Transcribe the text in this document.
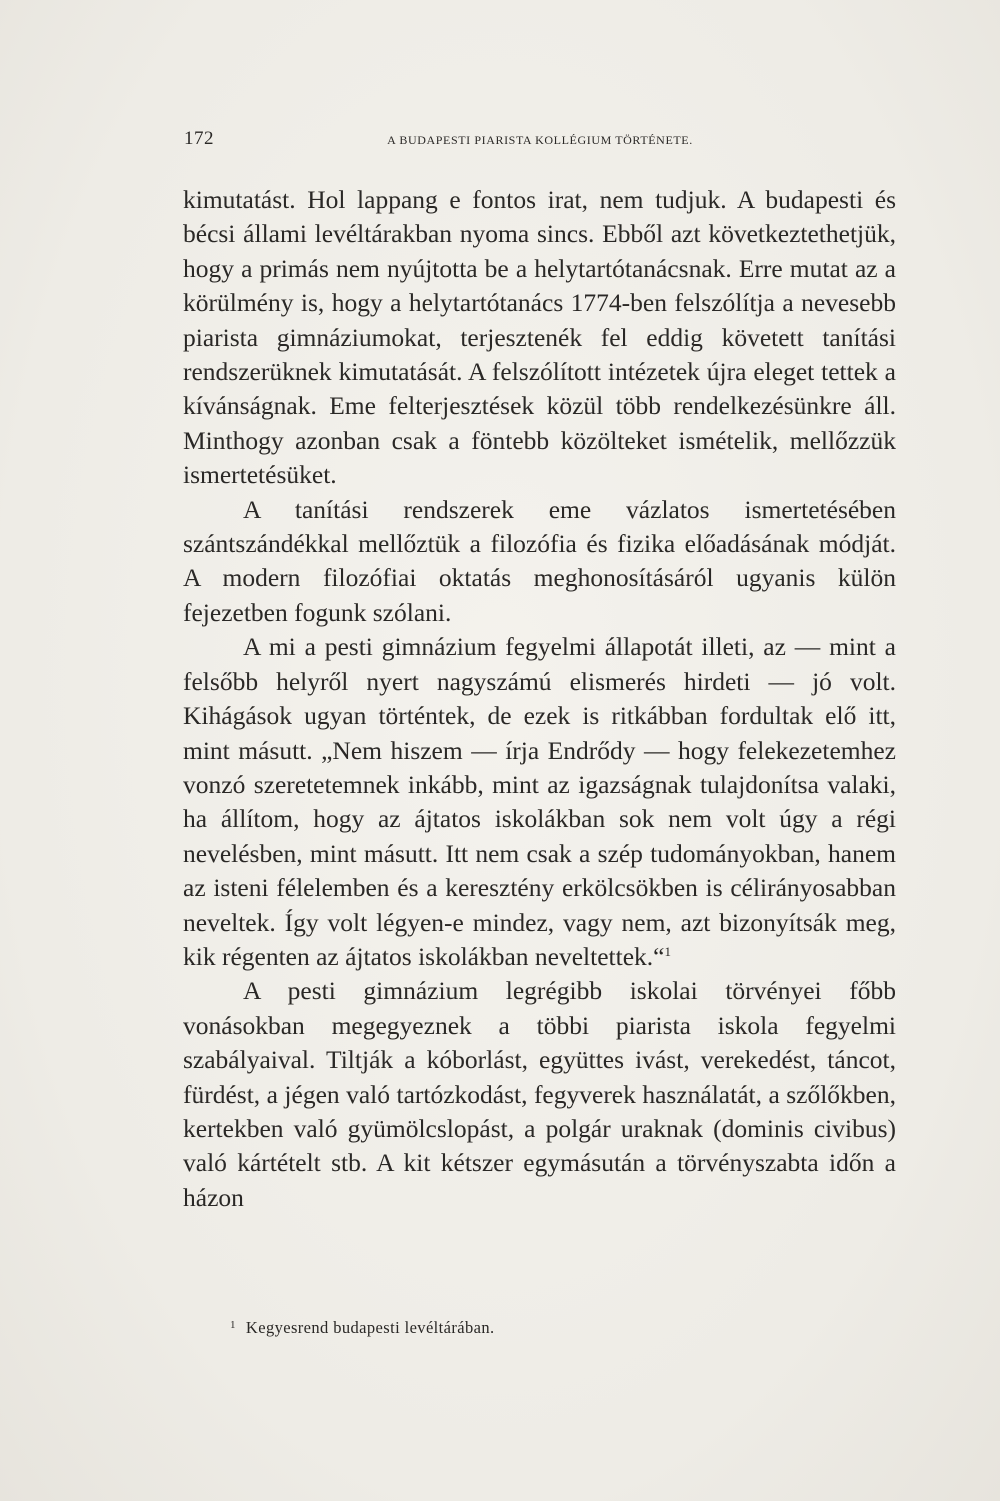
172	A BUDAPESTI PIARISTA KOLLÉGIUM TÖRTÉNETE.

kimutatást. Hol lappang e fontos irat, nem tudjuk. A budapesti és bécsi állami levéltárakban nyoma sincs. Ebből azt következtethetjük, hogy a primás nem nyújtotta be a helytartótanácsnak. Erre mutat az a körülmény is, hogy a helytartótanács 1774-ben felszólítja a nevesebb piarista gimnáziumokat, terjesztenék fel eddig követett tanítási rendszerüknek kimutatását. A felszólított intézetek újra eleget tettek a kívánságnak. Eme felterjesztések közül több rendelkezésünkre áll. Minthogy azonban csak a föntebb közölteket ismételik, mellőzzük ismertetésüket.

A tanítási rendszerek eme vázlatos ismertetésében szántszándékkal mellőztük a filozófia és fizika előadásának módját. A modern filozófiai oktatás meghonosításáról ugyanis külön fejezetben fogunk szólani.

A mi a pesti gimnázium fegyelmi állapotát illeti, az — mint a felsőbb helyről nyert nagyszámú elismerés hirdeti — jó volt. Kihágások ugyan történtek, de ezek is ritkábban fordultak elő itt, mint másutt. „Nem hiszem — írja Endrődy — hogy felekezetemhez vonzó szeretetemnek inkább, mint az igazságnak tulajdonítsa valaki, ha állítom, hogy az ájtatos iskolákban sok nem volt úgy a régi nevelésben, mint másutt. Itt nem csak a szép tudományokban, hanem az isteni félelemben és a keresztény erkölcsökben is célirányosabban neveltek. Így volt légyen-e mindez, vagy nem, azt bizonyítsák meg, kik régenten az ájtatos iskolákban neveltettek.“$^1$

A pesti gimnázium legrégibb iskolai törvényei főbb vonásokban megegyeznek a többi piarista iskola fegyelmi szabályaival. Tiltják a kóborlást, együttes ivást, verekedést, táncot, fürdést, a jégen való tartózkodást, fegyverek használatát, a szőlőkben, kertekben való gyümölcslopást, a polgár uraknak (dominis civibus) való kártételt stb. A kit kétszer egymásután a törvényszabta időn a házon

$^1$ Kegyesrend budapesti levéltárában.
